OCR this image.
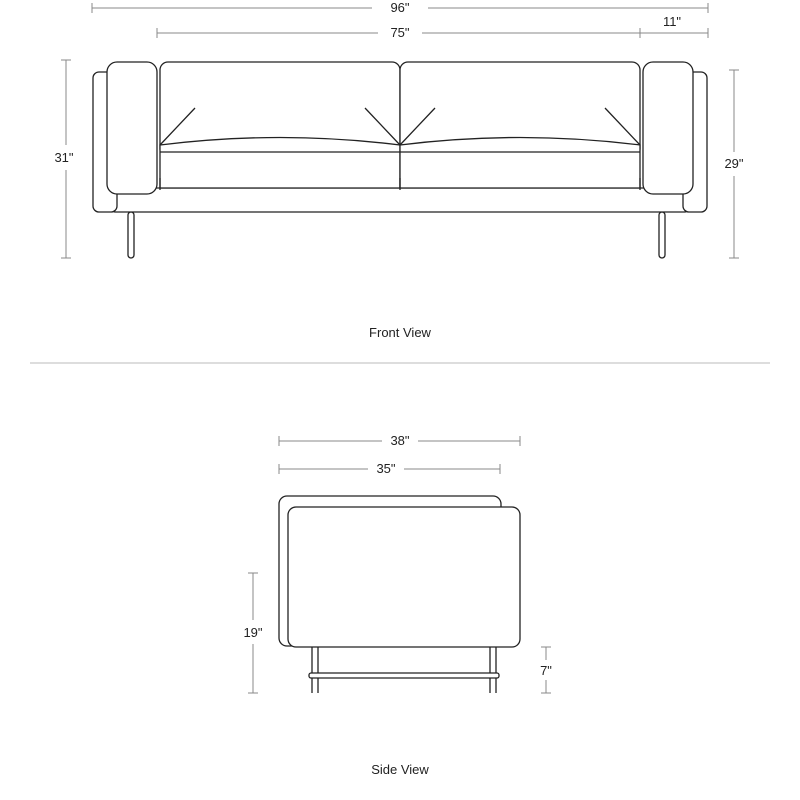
96"
75"
11"
31"	29"
Front View
38"
35"
19"
7"
Side View
